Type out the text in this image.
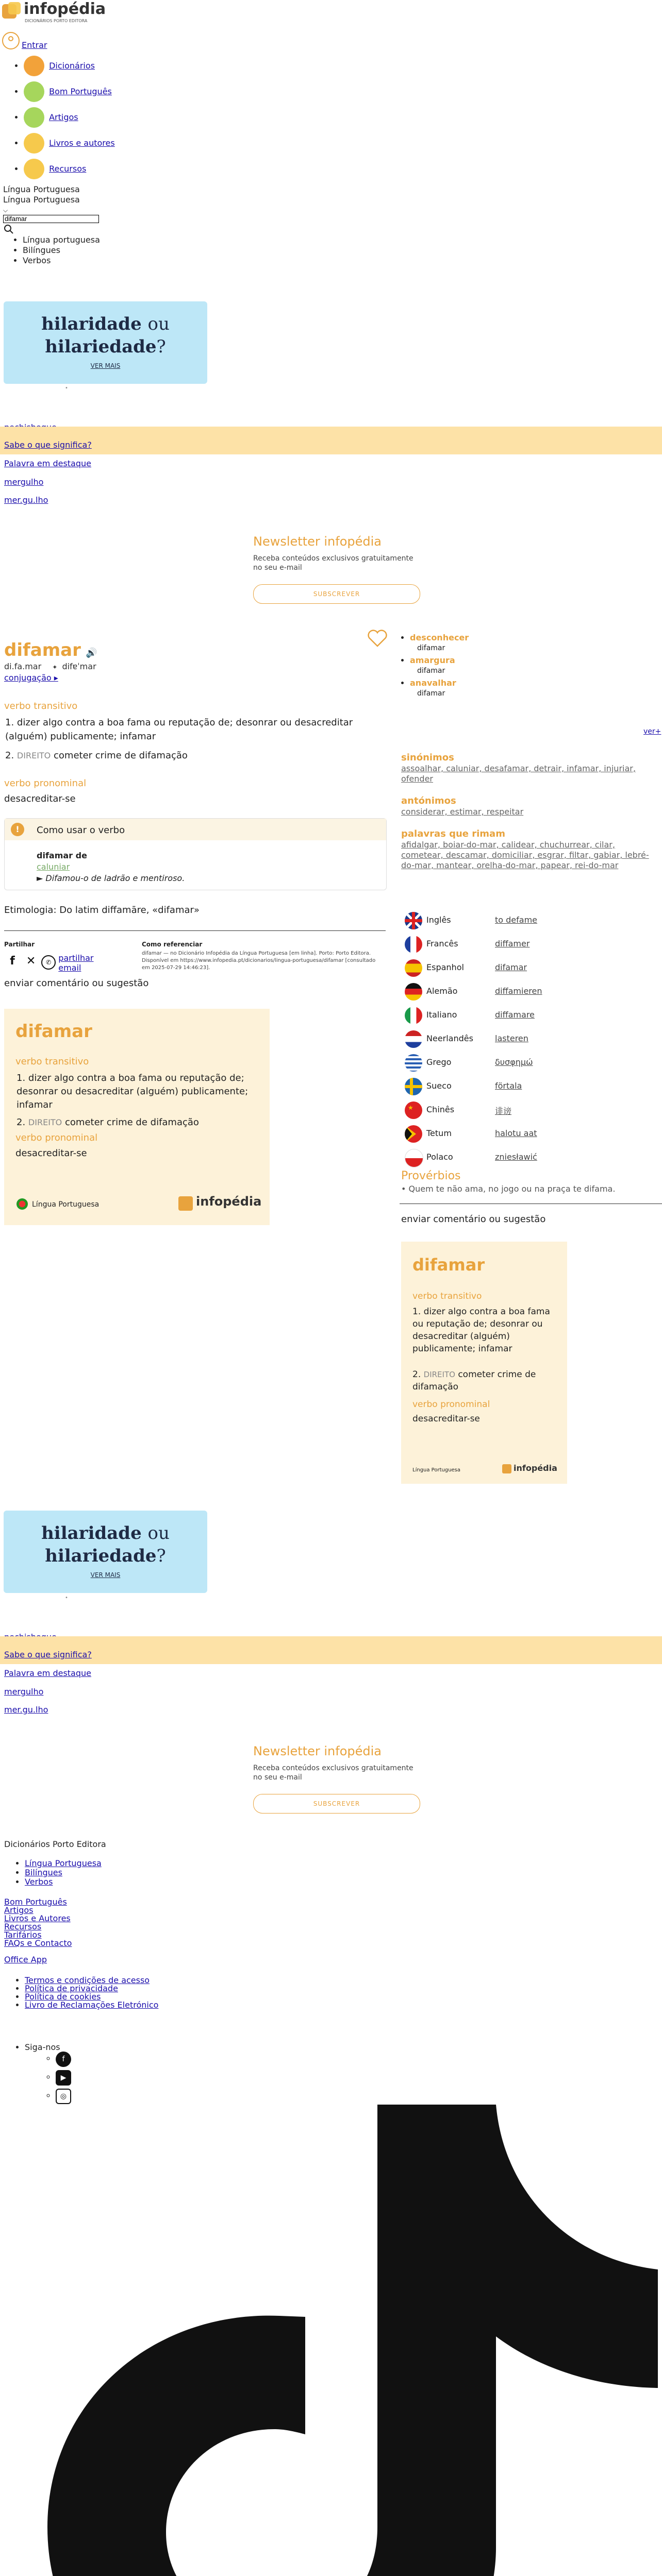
infopédia
DICIONÁRIOS PORTO EDITORA
Entrar
• Dicionários
• Bom Português
• Artigos
• Livros e autores
• Recursos
Língua Portuguesa
Língua Portuguesa
⌵
difamar
• Língua portuguesa
• Bilíngues
• Verbos
hilaridade ou
hilariedade?
VER MAIS
•
Sabe o que significa?
Palavra em destaque
mergulho
mer.gu.lho
Newsletter infopédia
Receba conteúdos exclusivos gratuitamente no seu e-mail
SUBSCREVER
difamar 🔊
di.fa.mar ✦ difɐˈmar
conjugação ▸
verbo transitivo
1. dizer algo contra a boa fama ou reputação de; desonrar ou desacreditar (alguém) publicamente; infamar
2. DIREITO cometer crime de difamação
verbo pronominal
desacreditar-se
!	Como usar o verbo
difamar de
caluniar
► Difamou-o de ladrão e mentiroso.
Etimologia: Do latim diffamāre, «difamar»
Partilhar
f ✕ ✆ partilhar email
Como referenciar
difamar — no Dicionário Infopédia da Língua Portuguesa [em linha]. Porto: Porto Editora. Disponível em https://www.infopedia.pt/dicionarios/lingua-portuguesa/difamar [consultado em 2025-07-29 14:46:23].
enviar comentário ou sugestão
difamar
verbo transitivo
1. dizer algo contra a boa fama ou reputação de; desonrar ou desacreditar (alguém) publicamente; infamar
2. DIREITO cometer crime de difamação
verbo pronominal
desacreditar-se
Língua Portuguesa	infopédia
• desconhecer
difamar
• amargura
difamar
• anavalhar
difamar
ver+
sinónimos
assoalhar, caluniar, desafamar, detrair, infamar, injuriar, ofender
antónimos
considerar, estimar, respeitar
palavras que rimam
afidalgar, boiar-do-mar, calidear, chuchurrear, cilar, cometear, descamar, domiciliar, esgrar, filtar, gabiar, lebré-do-mar, mantear, orelha-do-mar, papear, rei-do-mar
Inglês	to defame
Francês	diffamer
Espanhol	difamar
Alemão	diffamieren
Italiano	diffamare
Neerlandês	lasteren
Grego	δυσφημώ
Sueco	förtala
★ Chinês	诽谤
Tetum	halotu aat
Polaco	zniesławić
Provérbios
• Quem te não ama, no jogo ou na praça te difama.
enviar comentário ou sugestão
difamar
verbo transitivo
1. dizer algo contra a boa fama ou reputação de; desonrar ou desacreditar (alguém) publicamente; infamar
2. DIREITO cometer crime de difamação
verbo pronominal
desacreditar-se
Língua Portuguesa	infopédia
hilaridade ou
hilariedade?
VER MAIS
•
Sabe o que significa?
Palavra em destaque
mergulho
mer.gu.lho
Newsletter infopédia
Receba conteúdos exclusivos gratuitamente no seu e-mail
SUBSCREVER
Dicionários Porto Editora
• Língua Portuguesa
• Bilíngues
• Verbos
Bom Português
Artigos
Livros e Autores
Recursos
Tarifários
FAQs e Contacto
Office App
• Termos e condições de acesso
• Política de privacidade
• Política de cookies
• Livro de Reclamações Eletrónico
• Siga-nos
◦ f
◦ ▶
◦ ◎
